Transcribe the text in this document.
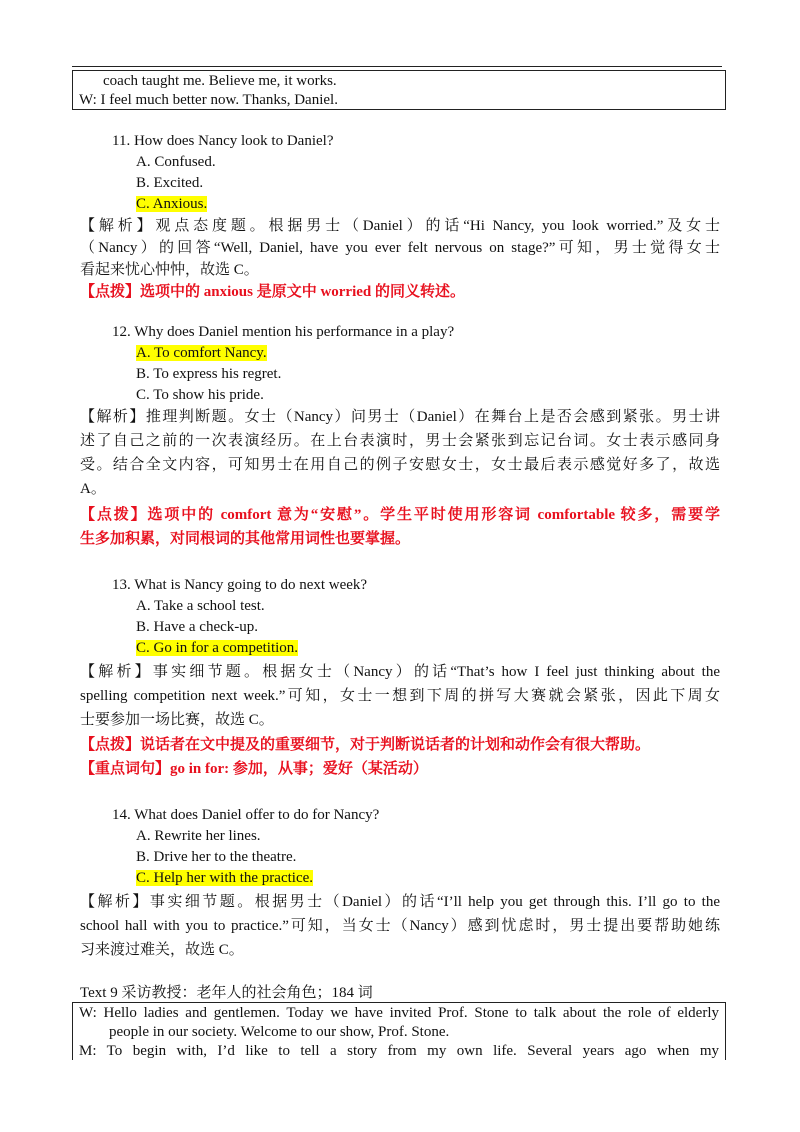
coach taught me. Believe me, it works.
W: I feel much better now. Thanks, Daniel.
11. How does Nancy look to Daniel?
A. Confused.
B. Excited.
C. Anxious.
【解析】观点态度题。根据男士（Daniel）的话“Hi Nancy, you look worried.”及女士
（Nancy）的回答“Well, Daniel, have you ever felt nervous on stage?”可知，男士觉得女士
看起来忧心忡忡，故选 C。
【点拨】选项中的 anxious 是原文中 worried 的同义转述。
12. Why does Daniel mention his performance in a play?
A. To comfort Nancy.
B. To express his regret.
C. To show his pride.
【解析】推理判断题。女士（Nancy）问男士（Daniel）在舞台上是否会感到紧张。男士讲
述了自己之前的一次表演经历。在上台表演时，男士会紧张到忘记台词。女士表示感同身
受。结合全文内容，可知男士在用自己的例子安慰女士，女士最后表示感觉好多了，故选
A。
【点拨】选项中的 comfort 意为“安慰”。学生平时使用形容词 comfortable 较多，需要学
生多加积累，对同根词的其他常用词性也要掌握。
13. What is Nancy going to do next week?
A. Take a school test.
B. Have a check-up.
C. Go in for a competition.
【解析】事实细节题。根据女士（Nancy）的话“That’s how I feel just thinking about the
spelling competition next week.”可知，女士一想到下周的拼写大赛就会紧张，因此下周女
士要参加一场比赛，故选 C。
【点拨】说话者在文中提及的重要细节，对于判断说话者的计划和动作会有很大帮助。
【重点词句】go in for: 参加，从事；爱好（某活动）
14. What does Daniel offer to do for Nancy?
A. Rewrite her lines.
B. Drive her to the theatre.
C. Help her with the practice.
【解析】事实细节题。根据男士（Daniel）的话“I’ll help you get through this. I’ll go to the
school hall with you to practice.”可知，当女士（Nancy）感到忧虑时，男士提出要帮助她练
习来渡过难关，故选 C。
Text 9 采访教授：老年人的社会角色；184 词
W: Hello ladies and gentlemen. Today we have invited Prof. Stone to talk about the role of elderly
people in our society. Welcome to our show, Prof. Stone.
M: To begin with, I’d like to tell a story from my own life. Several years ago when my
